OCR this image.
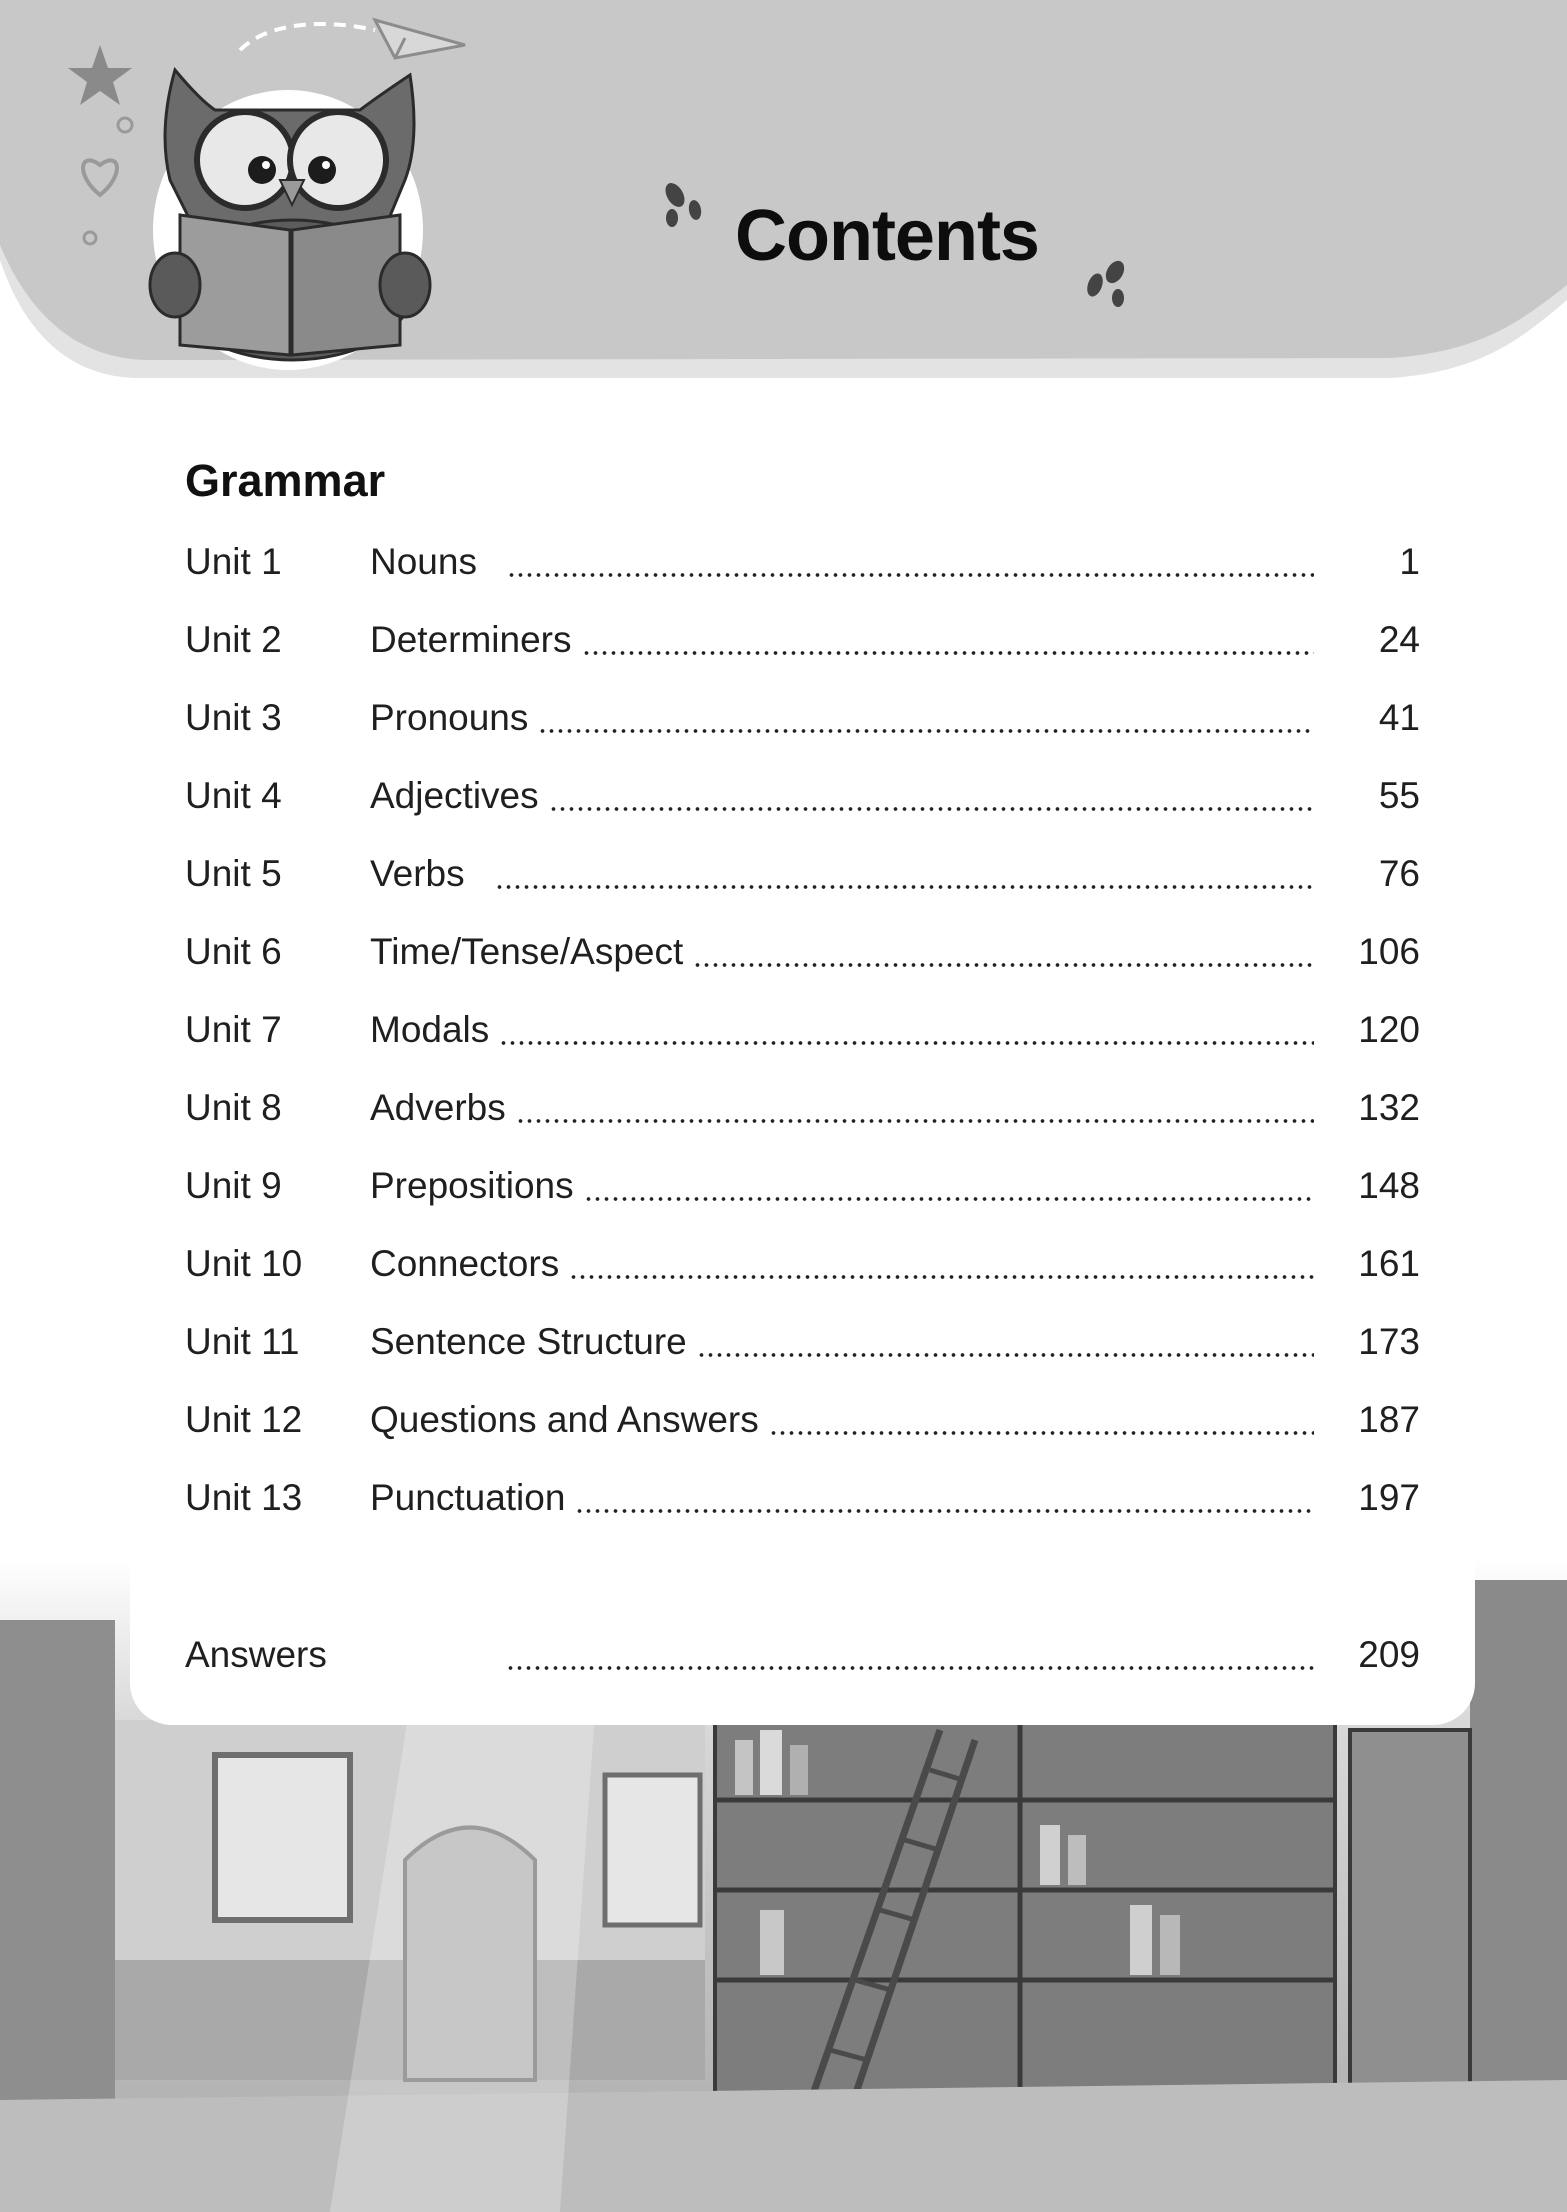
Contents
Grammar
Unit 1	Nouns	1
Unit 2	Determiners	24
Unit 3	Pronouns	41
Unit 4	Adjectives	55
Unit 5	Verbs	76
Unit 6	Time/Tense/Aspect	106
Unit 7	Modals	120
Unit 8	Adverbs	132
Unit 9	Prepositions	148
Unit 10	Connectors	161
Unit 11	Sentence Structure	173
Unit 12	Questions and Answers	187
Unit 13	Punctuation	197
Answers	209
